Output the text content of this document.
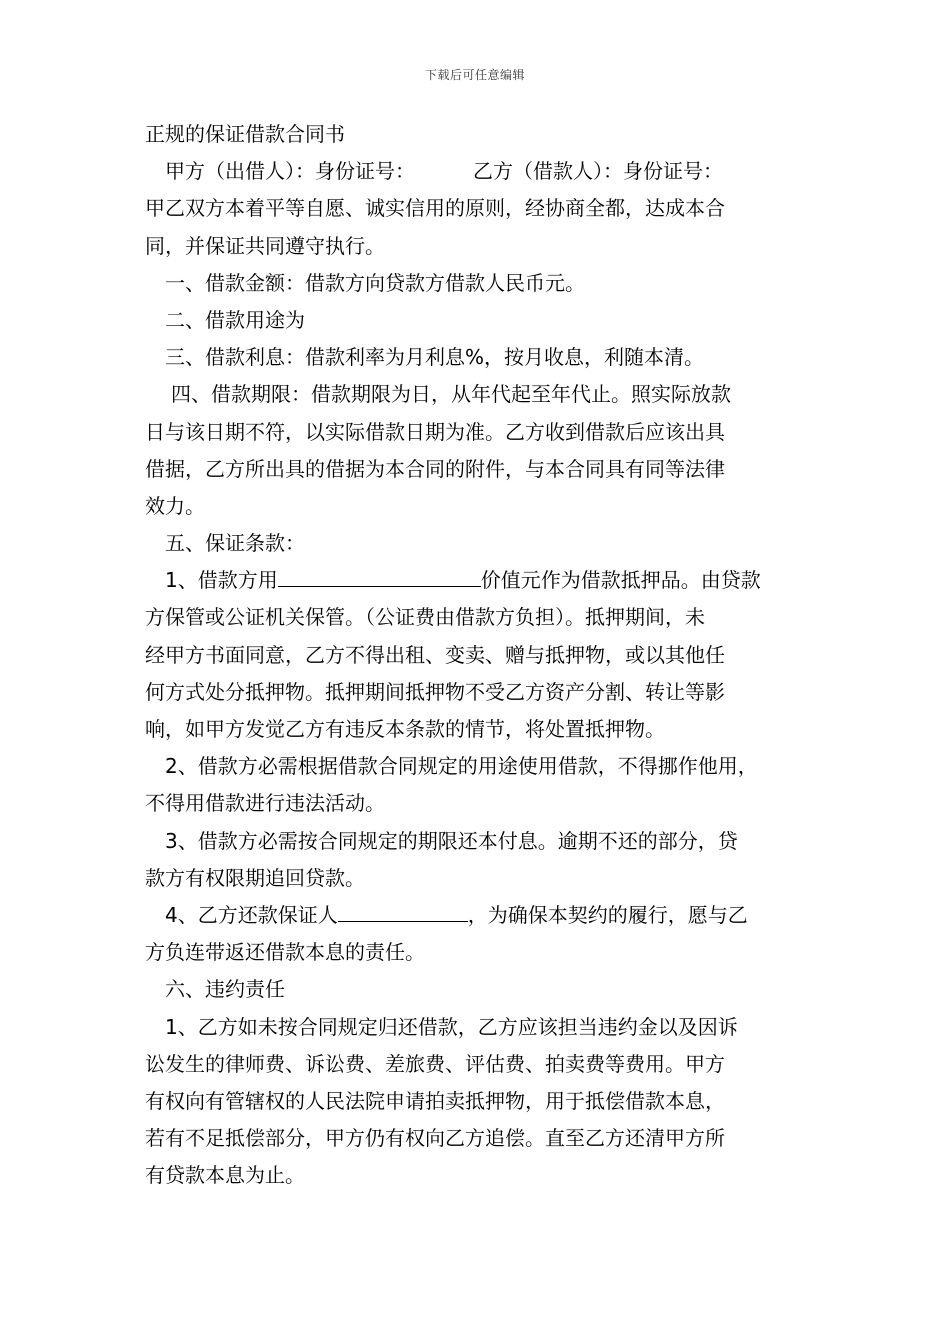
下载后可任意编辑
正规的保证借款合同书
甲方（出借人）：身份证号：	乙方（借款人）：身份证号：
甲乙双方本着平等自愿、诚实信用的原则，经协商全都，达成本合
同，并保证共同遵守执行。
一、借款金额：借款方向贷款方借款人民币元。
二、借款用途为
三、借款利息：借款利率为月利息%，按月收息，利随本清。
四、借款期限：借款期限为日，从年代起至年代止。照实际放款
日与该日期不符，以实际借款日期为准。乙方收到借款后应该出具
借据，乙方所出具的借据为本合同的附件，与本合同具有同等法律
效力。
五、保证条款：
1、借款方用	价值元作为借款抵押品。由贷款
方保管或公证机关保管。（公证费由借款方负担）。抵押期间，未
经甲方书面同意，乙方不得出租、变卖、赠与抵押物，或以其他任
何方式处分抵押物。抵押期间抵押物不受乙方资产分割、转让等影
响，如甲方发觉乙方有违反本条款的情节，将处置抵押物。
2、借款方必需根据借款合同规定的用途使用借款，不得挪作他用，
不得用借款进行违法活动。
3、借款方必需按合同规定的期限还本付息。逾期不还的部分，贷
款方有权限期追回贷款。
4、乙方还款保证人	，为确保本契约的履行，愿与乙
方负连带返还借款本息的责任。
六、违约责任
1、乙方如未按合同规定归还借款，乙方应该担当违约金以及因诉
讼发生的律师费、诉讼费、差旅费、评估费、拍卖费等费用。甲方
有权向有管辖权的人民法院申请拍卖抵押物，用于抵偿借款本息，
若有不足抵偿部分，甲方仍有权向乙方追偿。直至乙方还清甲方所
有贷款本息为止。
